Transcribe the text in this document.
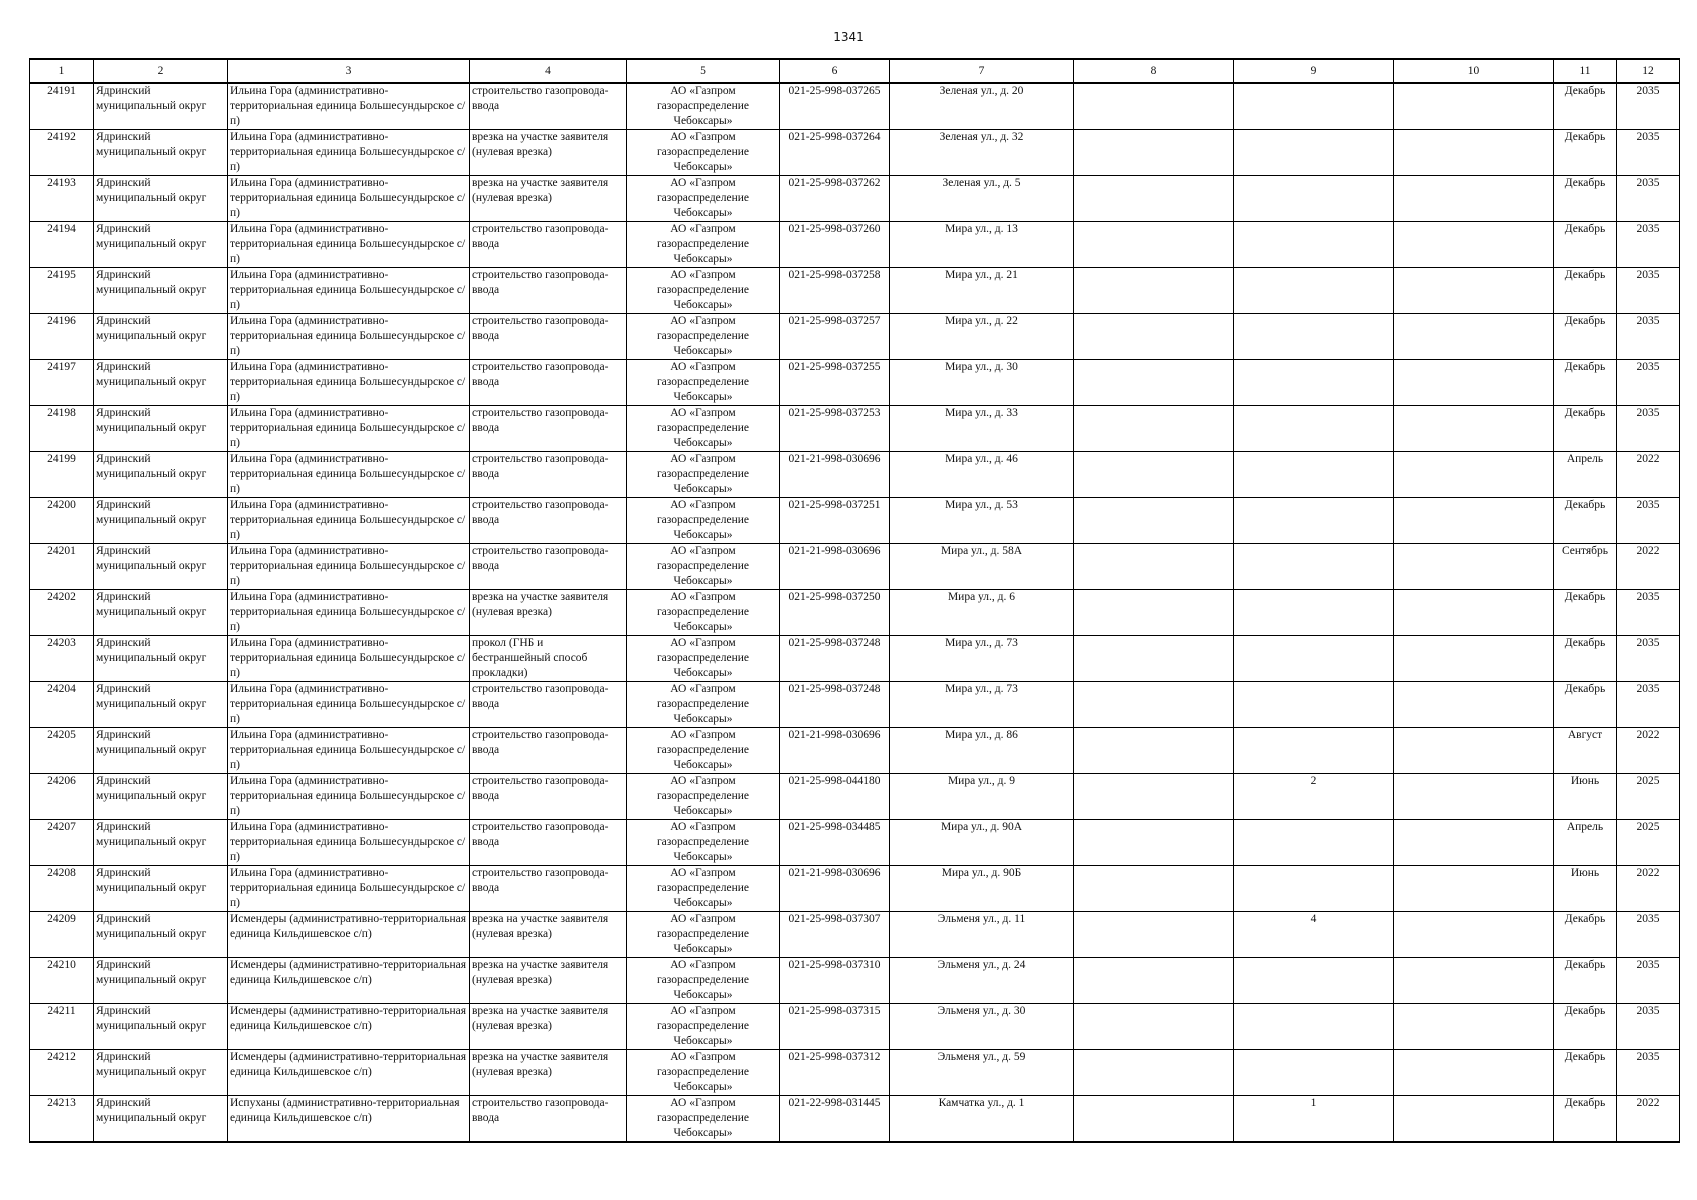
1341
1	2	3	4	5	6	7	8	9	10	11	12

24191	Ядринский муниципальный округ	Ильина Гора (административно-территориальная единица Большесундырское с/п)	строительство газопровода-ввода	АО «Газпром газораспределение Чебоксары»	021-25-998-037265	Зеленая ул., д. 20				Декабрь	2035

24192	Ядринский муниципальный округ	Ильина Гора (административно-территориальная единица Большесундырское с/п)	врезка на участке заявителя (нулевая врезка)	АО «Газпром газораспределение Чебоксары»	021-25-998-037264	Зеленая ул., д. 32				Декабрь	2035

24193	Ядринский муниципальный округ	Ильина Гора (административно-территориальная единица Большесундырское с/п)	врезка на участке заявителя (нулевая врезка)	АО «Газпром газораспределение Чебоксары»	021-25-998-037262	Зеленая ул., д. 5				Декабрь	2035

24194	Ядринский муниципальный округ	Ильина Гора (административно-территориальная единица Большесундырское с/п)	строительство газопровода-ввода	АО «Газпром газораспределение Чебоксары»	021-25-998-037260	Мира ул., д. 13				Декабрь	2035

24195	Ядринский муниципальный округ	Ильина Гора (административно-территориальная единица Большесундырское с/п)	строительство газопровода-ввода	АО «Газпром газораспределение Чебоксары»	021-25-998-037258	Мира ул., д. 21				Декабрь	2035

24196	Ядринский муниципальный округ	Ильина Гора (административно-территориальная единица Большесундырское с/п)	строительство газопровода-ввода	АО «Газпром газораспределение Чебоксары»	021-25-998-037257	Мира ул., д. 22				Декабрь	2035

24197	Ядринский муниципальный округ	Ильина Гора (административно-территориальная единица Большесундырское с/п)	строительство газопровода-ввода	АО «Газпром газораспределение Чебоксары»	021-25-998-037255	Мира ул., д. 30				Декабрь	2035

24198	Ядринский муниципальный округ	Ильина Гора (административно-территориальная единица Большесундырское с/п)	строительство газопровода-ввода	АО «Газпром газораспределение Чебоксары»	021-25-998-037253	Мира ул., д. 33				Декабрь	2035

24199	Ядринский муниципальный округ	Ильина Гора (административно-территориальная единица Большесундырское с/п)	строительство газопровода-ввода	АО «Газпром газораспределение Чебоксары»	021-21-998-030696	Мира ул., д. 46				Апрель	2022

24200	Ядринский муниципальный округ	Ильина Гора (административно-территориальная единица Большесундырское с/п)	строительство газопровода-ввода	АО «Газпром газораспределение Чебоксары»	021-25-998-037251	Мира ул., д. 53				Декабрь	2035

24201	Ядринский муниципальный округ	Ильина Гора (административно-территориальная единица Большесундырское с/п)	строительство газопровода-ввода	АО «Газпром газораспределение Чебоксары»	021-21-998-030696	Мира ул., д. 58А				Сентябрь	2022

24202	Ядринский муниципальный округ	Ильина Гора (административно-территориальная единица Большесундырское с/п)	врезка на участке заявителя (нулевая врезка)	АО «Газпром газораспределение Чебоксары»	021-25-998-037250	Мира ул., д. 6				Декабрь	2035

24203	Ядринский муниципальный округ	Ильина Гора (административно-территориальная единица Большесундырское с/п)	прокол (ГНБ и бестраншейный способ прокладки)	АО «Газпром газораспределение Чебоксары»	021-25-998-037248	Мира ул., д. 73				Декабрь	2035

24204	Ядринский муниципальный округ	Ильина Гора (административно-территориальная единица Большесундырское с/п)	строительство газопровода-ввода	АО «Газпром газораспределение Чебоксары»	021-25-998-037248	Мира ул., д. 73				Декабрь	2035

24205	Ядринский муниципальный округ	Ильина Гора (административно-территориальная единица Большесундырское с/п)	строительство газопровода-ввода	АО «Газпром газораспределение Чебоксары»	021-21-998-030696	Мира ул., д. 86				Август	2022

24206	Ядринский муниципальный округ	Ильина Гора (административно-территориальная единица Большесундырское с/п)	строительство газопровода-ввода	АО «Газпром газораспределение Чебоксары»	021-25-998-044180	Мира ул., д. 9		2		Июнь	2025

24207	Ядринский муниципальный округ	Ильина Гора (административно-территориальная единица Большесундырское с/п)	строительство газопровода-ввода	АО «Газпром газораспределение Чебоксары»	021-25-998-034485	Мира ул., д. 90А				Апрель	2025

24208	Ядринский муниципальный округ	Ильина Гора (административно-территориальная единица Большесундырское с/п)	строительство газопровода-ввода	АО «Газпром газораспределение Чебоксары»	021-21-998-030696	Мира ул., д. 90Б				Июнь	2022

24209	Ядринский муниципальный округ	Исмендеры (административно-территориальная единица Кильдишевское с/п)	врезка на участке заявителя (нулевая врезка)	АО «Газпром газораспределение Чебоксары»	021-25-998-037307	Эльменя ул., д. 11		4		Декабрь	2035

24210	Ядринский муниципальный округ	Исмендеры (административно-территориальная единица Кильдишевское с/п)	врезка на участке заявителя (нулевая врезка)	АО «Газпром газораспределение Чебоксары»	021-25-998-037310	Эльменя ул., д. 24				Декабрь	2035

24211	Ядринский муниципальный округ	Исмендеры (административно-территориальная единица Кильдишевское с/п)	врезка на участке заявителя (нулевая врезка)	АО «Газпром газораспределение Чебоксары»	021-25-998-037315	Эльменя ул., д. 30				Декабрь	2035

24212	Ядринский муниципальный округ	Исмендеры (административно-территориальная единица Кильдишевское с/п)	врезка на участке заявителя (нулевая врезка)	АО «Газпром газораспределение Чебоксары»	021-25-998-037312	Эльменя ул., д. 59				Декабрь	2035

24213	Ядринский муниципальный округ	Испуханы (административно-территориальная единица Кильдишевское с/п)	строительство газопровода-ввода	АО «Газпром газораспределение Чебоксары»	021-22-998-031445	Камчатка ул., д. 1		1		Декабрь	2022
